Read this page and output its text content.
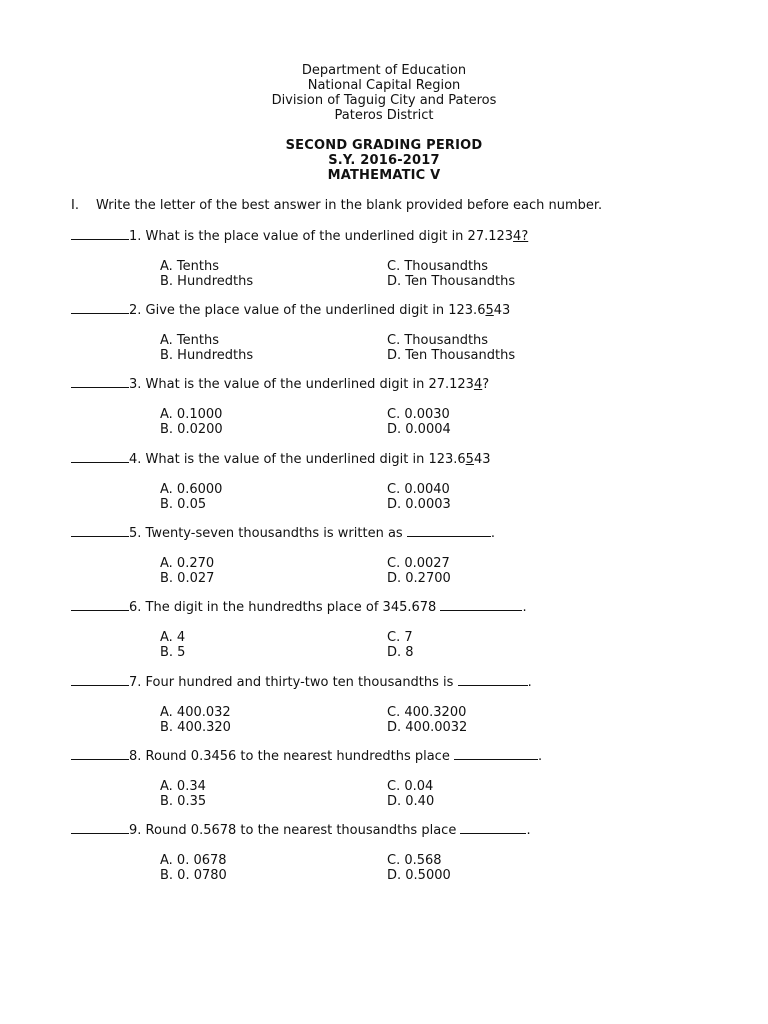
Department of Education
National Capital Region
Division of Taguig City and Pateros
Pateros District
SECOND GRADING PERIOD
S.Y. 2016-2017
MATHEMATIC V
I. Write the letter of the best answer in the blank provided before each number.
1. What is the place value of the underlined digit in 27.1234?
A. Tenths
B. Hundredths
C. Thousandths
D. Ten Thousandths
2. Give the place value of the underlined digit in 123.6543
A. Tenths
B. Hundredths
C. Thousandths
D. Ten Thousandths
3. What is the value of the underlined digit in 27.1234?
A. 0.1000
B. 0.0200
C. 0.0030
D. 0.0004
4. What is the value of the underlined digit in 123.6543
A. 0.6000
B. 0.05
C. 0.0040
D. 0.0003
5. Twenty-seven thousandths is written as	.
A. 0.270
B. 0.027
C. 0.0027
D. 0.2700
6. The digit in the hundredths place of 345.678	.
A. 4
B. 5
C. 7
D. 8
7. Four hundred and thirty-two ten thousandths is	.
A. 400.032
B. 400.320
C. 400.3200
D. 400.0032
8. Round 0.3456 to the nearest hundredths place	.
A. 0.34
B. 0.35
C. 0.04
D. 0.40
9. Round 0.5678 to the nearest thousandths place	.
A. 0. 0678
B. 0. 0780
C. 0.568
D. 0.5000
